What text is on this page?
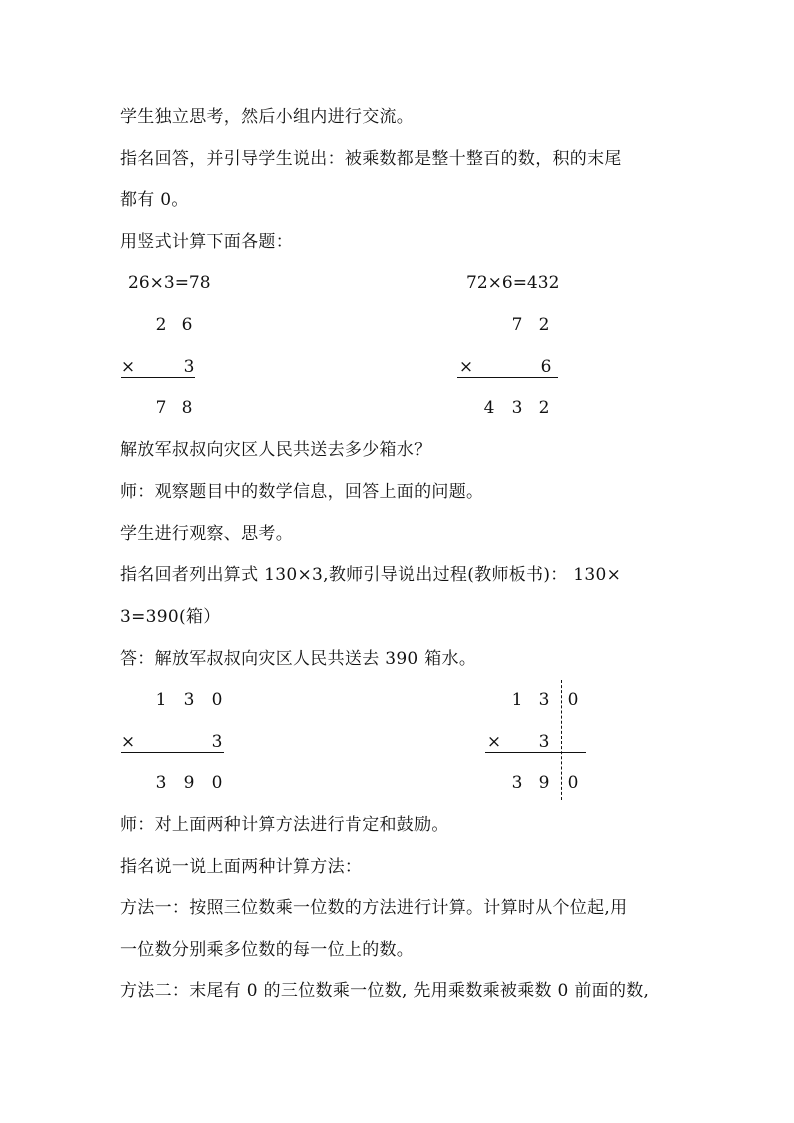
学生独立思考，然后小组内进行交流。
指名回答，并引导学生说出：被乘数都是整十整百的数，积的末尾
都有 0。
用竖式计算下面各题：
26×3=78
2 6
×	3
7 8
72×6=432
7 2
×	6
4 3 2
解放军叔叔向灾区人民共送去多少箱水？
师：观察题目中的数学信息，回答上面的问题。
学生进行观察、思考。
指名回者列出算式 130×3,教师引导说出过程(教师板书)： 130×
3=390(箱）
答：解放军叔叔向灾区人民共送去 390 箱水。
1 3 0
×	3
3 9 0
1 3 0
× 3
3 9 0
师：对上面两种计算方法进行肯定和鼓励。
指名说一说上面两种计算方法：
方法一：按照三位数乘一位数的方法进行计算。计算时从个位起,用
一位数分别乘多位数的每一位上的数。
方法二：末尾有 0 的三位数乘一位数, 先用乘数乘被乘数 0 前面的数,
